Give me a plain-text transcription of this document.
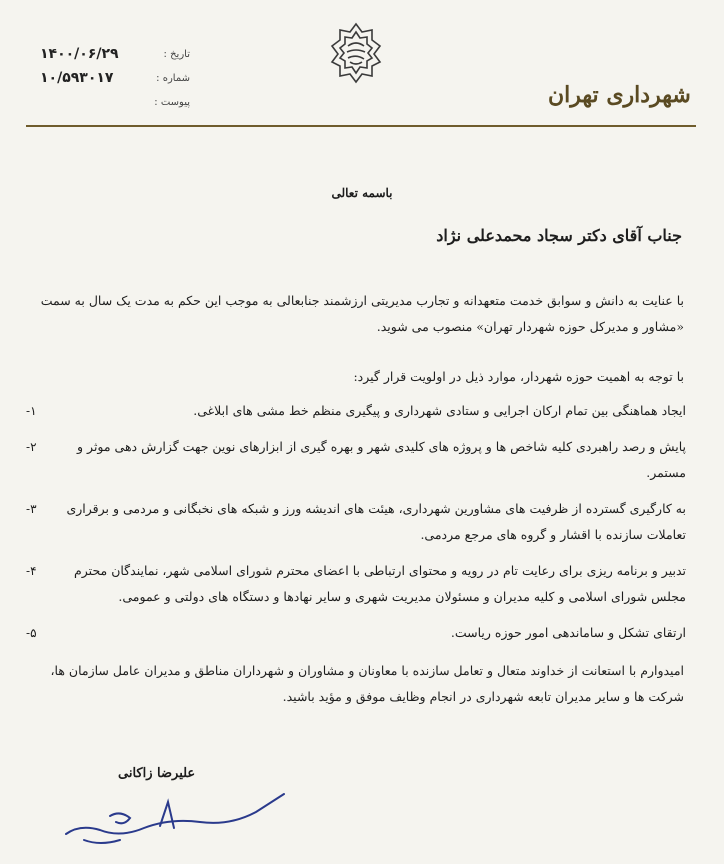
تاریخ :
۱۴۰۰/۰۶/۲۹
شماره :
۱۰/۵۹۳۰۱۷
پیوست :	شهرداری تهران
باسمه تعالی
جناب آقای دکتر سجاد محمدعلی نژاد
با عنایت به دانش و سوابق خدمت متعهدانه و تجارب مدیریتی ارزشمند جنابعالی به موجب این حکم به مدت یک سال به سمت «مشاور و مدیرکل حوزه شهردار تهران» منصوب می شوید.
با توجه به اهمیت حوزه شهردار، موارد ذیل در اولویت قرار گیرد:
ایجاد هماهنگی بین تمام ارکان اجرایی و ستادی شهرداری و پیگیری منظم خط مشی های ابلاغی.
۱-
پایش و رصد راهبردی کلیه شاخص ها و پروژه های کلیدی شهر و بهره گیری از ابزارهای نوین جهت گزارش دهی موثر و مستمر.
۲-
به کارگیری گسترده از ظرفیت های مشاورین شهرداری، هیئت های اندیشه ورز و شبکه های نخبگانی و مردمی و برقراری تعاملات سازنده با اقشار و گروه های مرجع مردمی.
۳-
تدبیر و برنامه ریزی برای رعایت تام در رویه و محتوای ارتباطی با اعضای محترم شورای اسلامی شهر، نمایندگان محترم مجلس شورای اسلامی و کلیه مدیران و مسئولان مدیریت شهری و سایر نهادها و دستگاه های دولتی و عمومی.
۴-
ارتقای تشکل و ساماندهی امور حوزه ریاست.
۵-
امیدوارم با استعانت از خداوند متعال و تعامل سازنده با معاونان و مشاوران و شهرداران مناطق و مدیران عامل سازمان ها، شرکت ها و سایر مدیران تابعه شهرداری در انجام وظایف موفق و مؤید باشید.
علیرضا زاکانی
